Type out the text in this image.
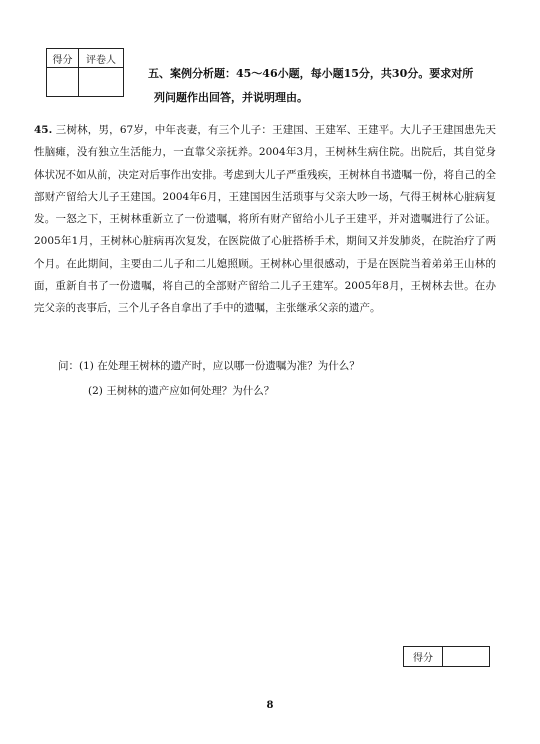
得分	评卷人

五、案例分析题：45～46小题，每小题15分，共30分。要求对所
列问题作出回答，并说明理由。
45. 三树林，男，67岁，中年丧妻，有三个儿子：王建国、王建军、王建平。大儿子王建国患先天性脑瘫，没有独立生活能力，一直靠父亲抚养。2004年3月，王树林生病住院。出院后，其自觉身体状况不如从前，决定对后事作出安排。考虑到大儿子严重残疾，王树林自书遗嘱一份，将自己的全部财产留给大儿子王建国。2004年6月，王建国因生活琐事与父亲大吵一场，气得王树林心脏病复发。一怒之下，王树林重新立了一份遗嘱，将所有财产留给小儿子王建平，并对遗嘱进行了公证。2005年1月，王树林心脏病再次复发，在医院做了心脏搭桥手术，期间又并发肺炎，在院治疗了两个月。在此期间，主要由二儿子和二儿媳照顾。王树林心里很感动，于是在医院当着弟弟王山林的面，重新自书了一份遗嘱，将自己的全部财产留给二儿子王建军。2005年8月，王树林去世。在办完父亲的丧事后，三个儿子各自拿出了手中的遗嘱，主张继承父亲的遗产。
问：(1) 在处理王树林的遗产时，应以哪一份遗嘱为准？为什么？
(2) 王树林的遗产应如何处理？为什么？
得分	
8
